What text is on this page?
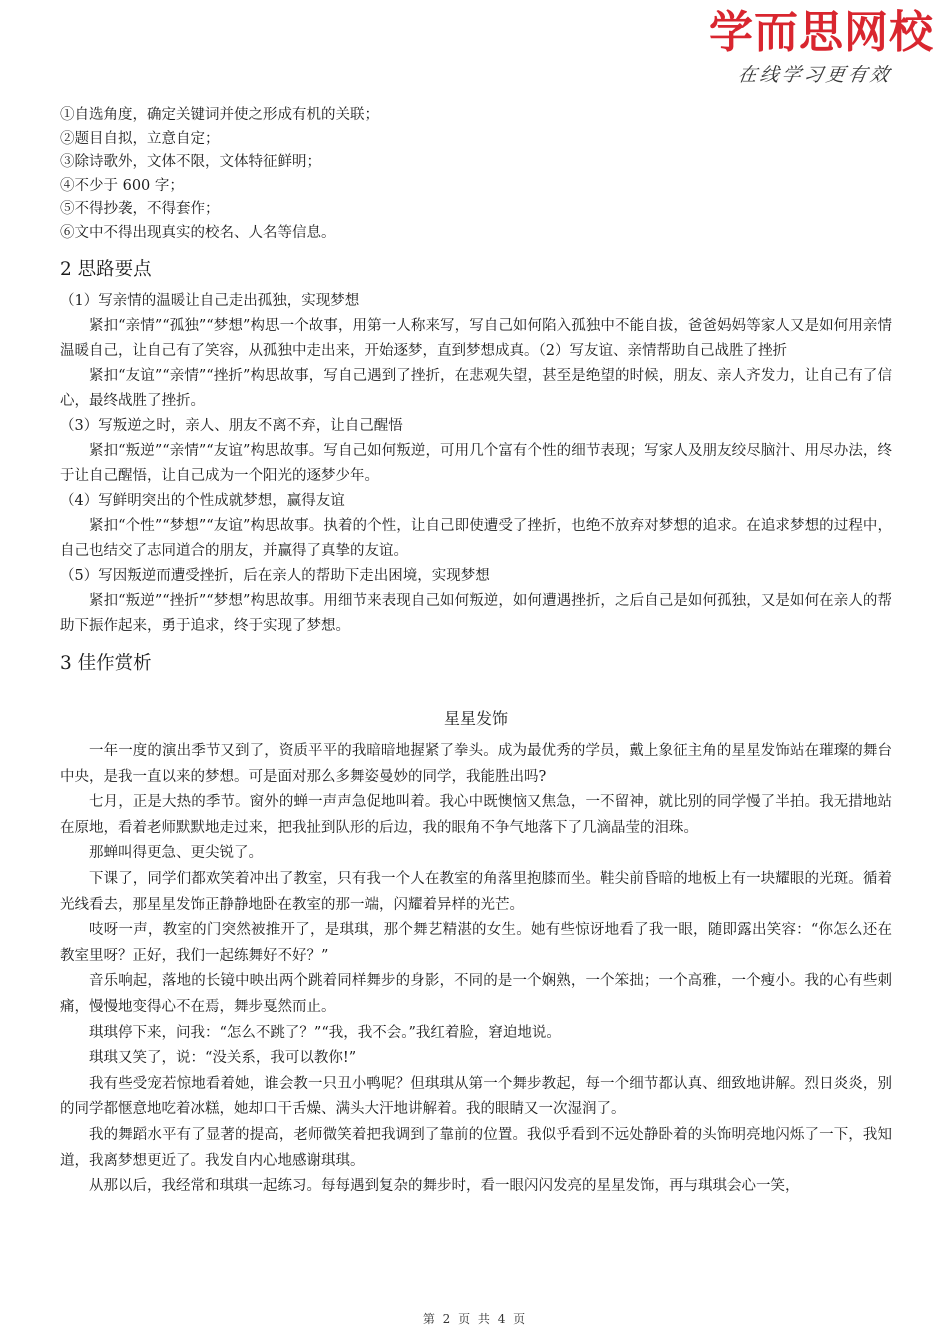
学而思网校
在线学习更有效

①自选角度，确定关键词并使之形成有机的关联；

②题目自拟，立意自定；

③除诗歌外，文体不限，文体特征鲜明；

④不少于 600 字；

⑤不得抄袭，不得套作；

⑥文中不得出现真实的校名、人名等信息。

2 思路要点

（1）写亲情的温暖让自己走出孤独，实现梦想

紧扣“亲情”“孤独”“梦想”构思一个故事，用第一人称来写，写自己如何陷入孤独中不能自拔，爸爸妈妈等家人又是如何用亲情温暖自己，让自己有了笑容，从孤独中走出来，开始逐梦，直到梦想成真。（2）写友谊、亲情帮助自己战胜了挫折

紧扣“友谊”“亲情”“挫折”构思故事，写自己遇到了挫折，在悲观失望，甚至是绝望的时候，朋友、亲人齐发力，让自己有了信心，最终战胜了挫折。

（3）写叛逆之时，亲人、朋友不离不弃，让自己醒悟

紧扣“叛逆”“亲情”“友谊”构思故事。写自己如何叛逆，可用几个富有个性的细节表现；写家人及朋友绞尽脑汁、用尽办法，终于让自己醒悟，让自己成为一个阳光的逐梦少年。

（4）写鲜明突出的个性成就梦想，赢得友谊

紧扣“个性”“梦想”“友谊”构思故事。执着的个性，让自己即使遭受了挫折，也绝不放弃对梦想的追求。在追求梦想的过程中，自己也结交了志同道合的朋友，并赢得了真挚的友谊。

（5）写因叛逆而遭受挫折，后在亲人的帮助下走出困境，实现梦想

紧扣“叛逆”“挫折”“梦想”构思故事。用细节来表现自己如何叛逆，如何遭遇挫折，之后自己是如何孤独，又是如何在亲人的帮助下振作起来，勇于追求，终于实现了梦想。

3 佳作赏析
星星发饰

一年一度的演出季节又到了，资质平平的我暗暗地握紧了拳头。成为最优秀的学员，戴上象征主角的星星发饰站在璀璨的舞台中央，是我一直以来的梦想。可是面对那么多舞姿曼妙的同学，我能胜出吗?

七月，正是大热的季节。窗外的蝉一声声急促地叫着。我心中既懊恼又焦急，一不留神，就比别的同学慢了半拍。我无措地站在原地，看着老师默默地走过来，把我扯到队形的后边，我的眼角不争气地落下了几滴晶莹的泪珠。

那蝉叫得更急、更尖锐了。

下课了，同学们都欢笑着冲出了教室，只有我一个人在教室的角落里抱膝而坐。鞋尖前昏暗的地板上有一块耀眼的光斑。循着光线看去，那星星发饰正静静地卧在教室的那一端，闪耀着异样的光芒。

吱呀一声，教室的门突然被推开了，是琪琪，那个舞艺精湛的女生。她有些惊讶地看了我一眼，随即露出笑容：“你怎么还在教室里呀？正好，我们一起练舞好不好？”

音乐响起，落地的长镜中映出两个跳着同样舞步的身影，不同的是一个娴熟，一个笨拙；一个高雅，一个瘦小。我的心有些刺痛，慢慢地变得心不在焉，舞步戛然而止。

琪琪停下来，问我：“怎么不跳了？”“我，我不会。”我红着脸，窘迫地说。

琪琪又笑了，说：“没关系，我可以教你!”

我有些受宠若惊地看着她，谁会教一只丑小鸭呢？但琪琪从第一个舞步教起，每一个细节都认真、细致地讲解。烈日炎炎，别的同学都惬意地吃着冰糕，她却口干舌燥、满头大汗地讲解着。我的眼睛又一次湿润了。

我的舞蹈水平有了显著的提高，老师微笑着把我调到了靠前的位置。我似乎看到不远处静卧着的头饰明亮地闪烁了一下，我知道，我离梦想更近了。我发自内心地感谢琪琪。

从那以后，我经常和琪琪一起练习。每每遇到复杂的舞步时，看一眼闪闪发亮的星星发饰，再与琪琪会心一笑，

第 2 页 共 4 页
